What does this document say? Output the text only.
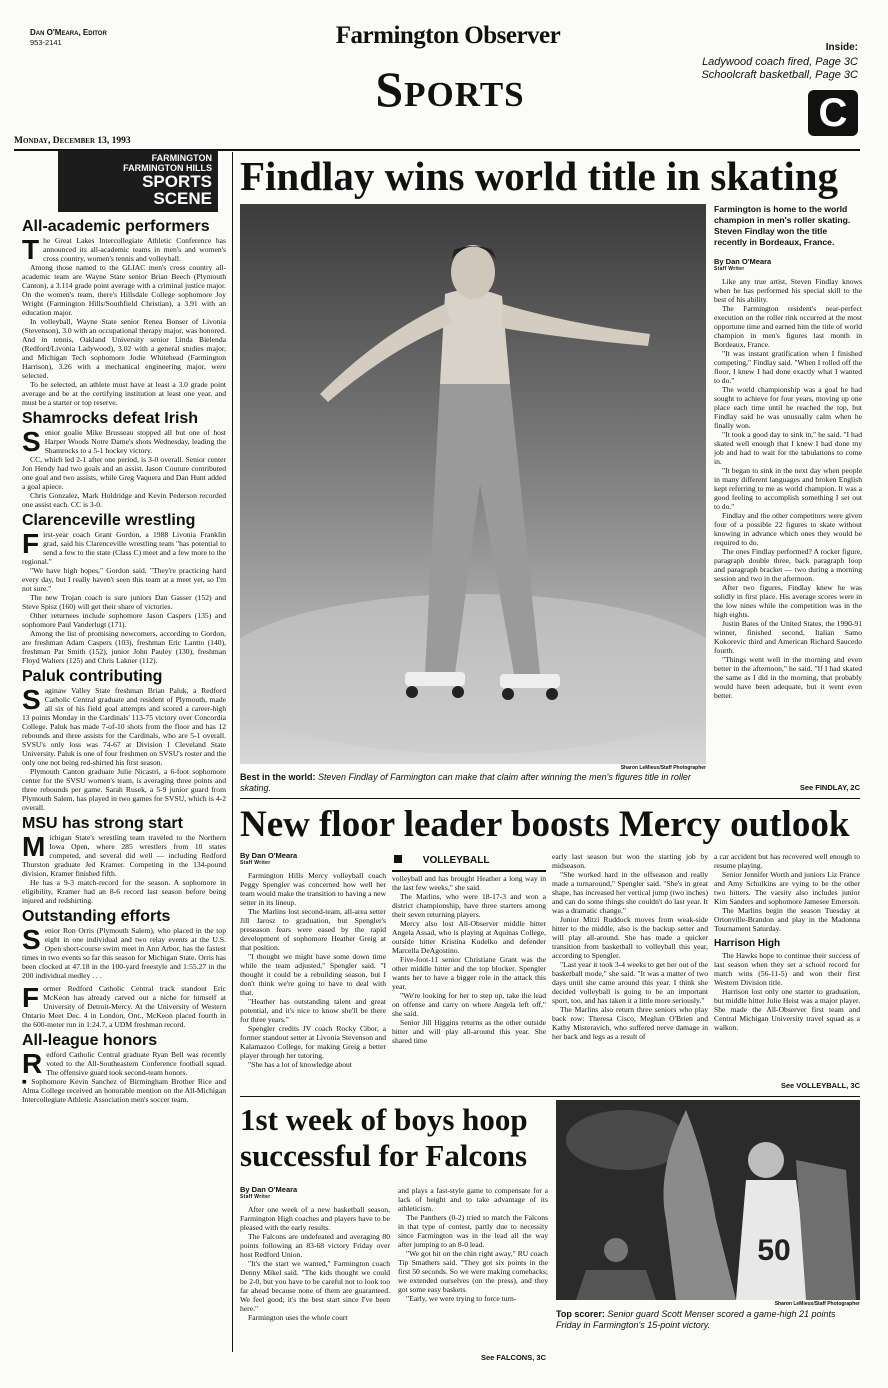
Dan O'Meara, Editor
953-2141	Farmington Observer
Sports
Inside:
Ladywood coach fired, Page 3C
Schoolcraft basketball, Page 3C
C
Monday, December 13, 1993
FARMINGTON
FARMINGTON HILLS
SPORTS
SCENE
All-academic performers
T he Great Lakes Intercollegiate Athletic Conference has announced its all-academic teams in men's and women's cross country, women's tennis and volleyball.

Among those named to the GLIAC men's cross country all-academic team are Wayne State senior Brian Beech (Plymouth Canton), a 3.114 grade point average with a criminal justice major. On the women's team, there's Hillsdale College sophomore Joy Wright (Farmington Hills/Southfield Christian), a 3.91 with an education major.

In volleyball, Wayne State senior Renea Bonser of Livonia (Stevenson), 3.0 with an occupational therapy major, was honored. And in tennis, Oakland University senior Linda Bielenda (Redford/Livonia Ladywood), 3.02 with a general studies major, and Michigan Tech sophomore Jodie Whitehead (Farmington Harrison), 3.26 with a mechanical engineering major, were selected.

To be selected, an athlete must have at least a 3.0 grade point average and be at the certifying institution at least one year, and must be a starter or top reserve.

Shamrocks defeat Irish
S enior goalie Mike Brusseau stopped all but one of host Harper Woods Notre Dame's shots Wednesday, leading the Shamrocks to a 5-1 hockey victory.

CC, which led 2-1 after one period, is 3-0 overall. Senior center Jon Hendy had two goals and an assist. Jason Couture contributed one goal and two assists, while Greg Vaquera and Dan Hunt added a goal apiece.

Chris Gonzalez, Mark Holdridge and Kevin Pederson recorded one assist each. CC is 3-0.

Clarenceville wrestling
F irst-year coach Grant Gordon, a 1988 Livonia Franklin grad, said his Clarenceville wrestling team "has potential to send a few to the state (Class C) meet and a few more to the regional."

"We have high hopes," Gordon said. "They're practicing hard every day, but I really haven't seen this team at a meet yet, so I'm not sure."

The new Trojan coach is sure juniors Dan Gasser (152) and Steve Spisz (160) will get their share of victories.

Other returnees include sophomore Jason Caspers (135) and sophomore Paul Vanderlugt (171).

Among the list of promising newcomers, according to Gordon, are freshman Adam Caspers (103), freshman Eric Lantto (140), freshman Pat Smith (152), junior John Pauley (130), freshman Floyd Walters (125) and Chris Lakner (112).

Paluk contributing
S aginaw Valley State freshman Brian Paluk, a Redford Catholic Central graduate and resident of Plymouth, made all six of his field goal attempts and scored a career-high 13 points Monday in the Cardinals' 113-75 victory over Concordia College. Paluk has made 7-of-10 shots from the floor and has 12 rebounds and three assists for the Cardinals, who are 5-1 overall. SVSU's only loss was 74-67 at Division I Cleveland State University. Paluk is one of four freshmen on SVSU's roster and the only one not being red-shirted his first season.

Plymouth Canton graduate Julie Nicastri, a 6-foot sophomore center for the SVSU women's team, is averaging three points and three rebounds per game. Sarah Rusek, a 5-9 junior guard from Plymouth Salem, has played in two games for SVSU, which is 4-2 overall.

MSU has strong start
M ichigan State's wrestling team traveled to the Northern Iowa Open, where 285 wrestlers from 10 states competed, and several did well — including Redford Thurston graduate Jed Kramer. Competing in the 134-pound division, Kramer finished fifth.

He has a 9-3 match-record for the season. A sophomore in eligibility, Kramer had an 8-6 record last season before being injured and redshirting.

Outstanding efforts
S enior Ron Orris (Plymouth Salem), who placed in the top eight in one individual and two relay events at the U.S. Open short-course swim meet in Ann Arbor, has the fastest times in two events so far this season for Michigan State. Orris has been clocked at 47.18 in the 100-yard freestyle and 1:55.27 in the 200 individual medley . . .

F ormer Redford Catholic Central track standout Eric McKeon has already carved out a niche for himself at University of Detroit-Mercy. At the University of Western Ontario Meet Dec. 4 in London, Ont., McKeon placed fourth in the 600-meter run in 1:24.7, a UDM freshman record.

All-league honors
R edford Catholic Central graduate Ryan Bell was recently voted to the All-Southeastern Conference football squad. The offensive guard took second-team honors.

■ Sophomore Kevin Sanchez of Birmingham Brother Rice and Alma College received an honorable mention on the All-Michigan Intercollegiate Athletic Association men's soccer team.

Findlay wins world title in skating
Sharon LeMieux/Staff Photographer
Best in the world: Steven Findlay of Farmington can make that claim after winning the men's figures title in roller skating.

Farmington is home to the world champion in men's roller skating. Steven Findlay won the title recently in Bordeaux, France.

By Dan O'Meara

Staff Writer

Like any true artist, Steven Findlay knows when he has performed his special skill to the best of his ability.

The Farmington resident's near-perfect execution on the roller rink occurred at the most opportune time and earned him the title of world champion in men's figures last month in Bordeaux, France.

"It was instant gratification when I finished competing," Findlay said. "When I rolled off the floor, I knew I had done exactly what I wanted to do."

The world championship was a goal he had sought to achieve for four years, moving up one place each time until he reached the top, but Findlay said he was unusually calm when he finally won.

"It took a good day to sink in," he said. "I had skated well enough that I knew I had done my job and had to wait for the tabulations to come in.

"It began to sink in the next day when people in many different languages and broken English kept referring to me as world champion. It was a good feeling to accomplish something I set out to do."

Findlay and the other competitors were given four of a possible 22 figures to skate without knowing in advance which ones they would be required to do.

The ones Findlay performed? A rocker figure, paragraph double three, back paragraph loop and paragraph bracket — two during a morning session and two in the afternoon.

After two figures, Findlay knew he was solidly in first place. His average scores were in the low nines while the competition was in the high eights.

Justin Bates of the United States, the 1990-91 winner, finished second, Italian Samo Kokorevic third and American Richard Saucedo fourth.

"Things went well in the morning and even better in the afternoon," he said. "If I had skated the same as I did in the morning, that probably would have been adequate, but it went even better.

See FINDLAY, 2C
New floor leader boosts Mercy outlook

By Dan O'Meara

Staff Writer

Farmington Hills Mercy volleyball coach Peggy Spengler was concerned how well her team would make the transition to having a new setter in its lineup.

The Marlins lost second-team, all-area setter Jill Jarosz to graduation, but Spengler's preseason fears were eased by the rapid development of sophomore Heather Greig at that position.

"I thought we might have some down time while the team adjusted," Spengler said. "I thought it could be a rebuilding season, but I don't think we're going to have to deal with that.

"Heather has outstanding talent and great potential, and it's nice to know she'll be there for three years."

Spengler credits JV coach Rocky Cibor, a former standout setter at Livonia Stevenson and Kalamazoo College, for making Greig a better player through her tutoring.

"She has a lot of knowledge about

VOLLEYBALL

volleyball and has brought Heather a long way in the last few weeks," she said.

The Marlins, who were 18-17-3 and won a district championship, have three starters among their seven returning players.

Mercy also lost All-Observer middle hitter Angela Assad, who is playing at Aquinas College, outside hitter Kristina Kudelko and defender Marcella DeAgostino.

Five-foot-11 senior Christiane Grant was the other middle hitter and the top blocker. Spengler wants her to have a bigger role in the attack this year.

"We're looking for her to step up, take the lead on offense and carry on where Angela left off," she said.

Senior Jill Higgins returns as the other outside hitter and will play all-around this year. She shared time

early last season but won the starting job by midseason.

"She worked hard in the offseason and really made a turnaround," Spengler said. "She's in great shape, has increased her vertical jump (two inches) and can do some things she couldn't do last year. It was a dramatic change."

Junior Mitzi Ruddock moves from weak-side hitter to the middle, also is the backup setter and will play all-around. She has made a quicker transition from basketball to volleyball this year, according to Spengler.

"Last year it took 3-4 weeks to get her out of the basketball mode," she said. "It was a matter of two days until she came around this year. I think she decided volleyball is going to be an important sport, too, and has taken it a little more seriously."

The Marlins also return three seniors who play back row: Theresa Cisco, Meghan O'Brien and Kathy Misteravich, who suffered nerve damage in her back and legs as a result of

a car accident but has recovered well enough to resume playing.

Senior Jennifer Worth and juniors Liz France and Amy Schulkins are vying to be the other two hitters. The varsity also includes junior Kim Sanders and sophomore Jamesee Emerson.

The Marlins begin the season Tuesday at Ortonville-Brandon and play in the Madonna Tournament Saturday.

Harrison High

The Hawks hope to continue their success of last season when they set a school record for match wins (56-11-5) and won their first Western Division title.

Harrison lost only one starter to graduation, but middle hitter Julie Heist was a major player. She made the All-Observer first team and Central Michigan University travel squad as a walkon.

See VOLLEYBALL, 3C
1st week of boys hoop
successful for Falcons

By Dan O'Meara

Staff Writer

After one week of a new basketball season, Farmington High coaches and players have to be pleased with the early results.

The Falcons are undefeated and averaging 80 points following an 83-68 victory Friday over host Redford Union.

"It's the start we wanted," Farmington coach Denny Mikel said. "The kids thought we could be 2-0, but you have to be careful not to look too far ahead because none of them are guaranteed. We feel good; it's the best start since I've been here."

Farmington uses the whole court

and plays a fast-style game to compensate for a lack of height and to take advantage of its athleticism.

The Panthers (0-2) tried to match the Falcons in that type of contest, partly due to necessity since Farmington was in the lead all the way after jumping to an 8-0 lead.

"We got hit on the chin right away," RU coach Tip Smathers said. "They got six points in the first 50 seconds. So we were making comebacks; we extended ourselves (on the press), and they got some easy baskets.

"Early, we were trying to force turn-

See FALCONS, 3C
50
Sharon LeMieux/Staff Photographer
Top scorer: Senior guard Scott Menser scored a game-high 21 points Friday in Farmington's 15-point victory.
